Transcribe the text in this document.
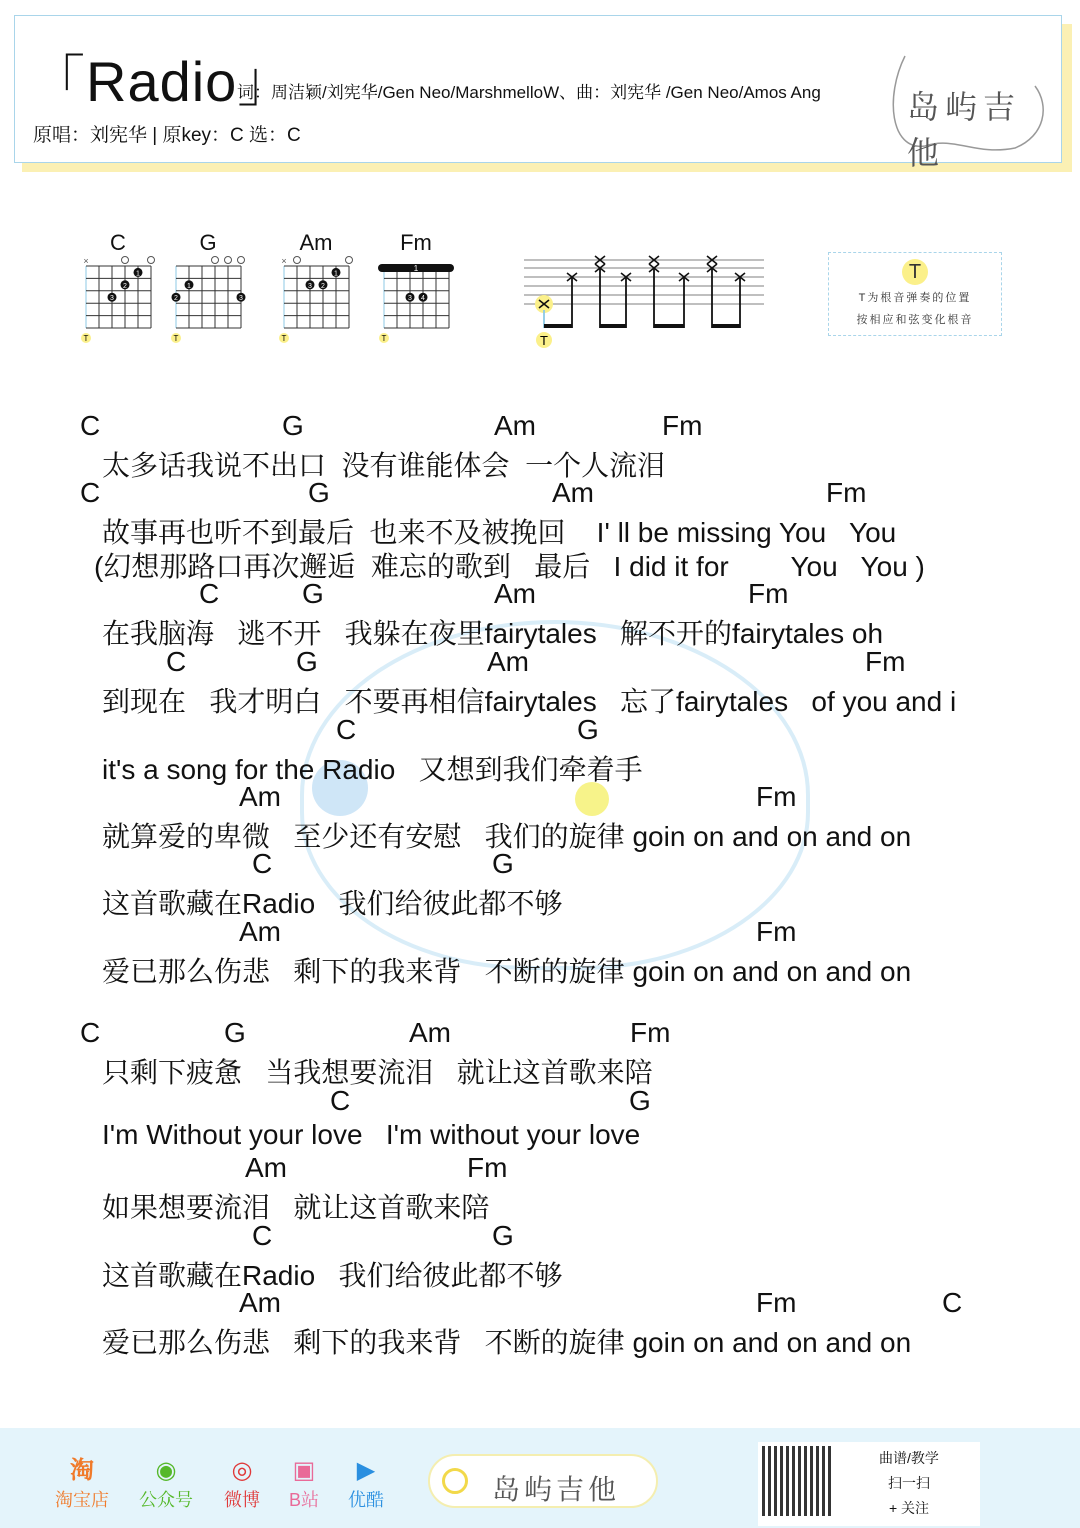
「Radio」
词：周洁颖/刘宪华/Gen Neo/MarshmelloW、曲：刘宪华 /Gen Neo/Amos Ang
原唱：刘宪华 | 原key：C 选：C
岛屿吉他
C
×
1
2
3
T
G
2
1
3
T
Am
×
1
2
3
T
Fm
1
3 4
T	T
T
T为根音弹奏的位置
按相应和弦变化根音
C	G	Am	Fm
太多话我说不出口  没有谁能体会  一个人流泪
C	G	Am	Fm
故事再也听不到最后  也来不及被挽回    I' ll be missing You   You
(幻想那路口再次邂逅  难忘的歌到   最后   I did it for        You   You )
C	G	Am	Fm
在我脑海   逃不开   我躲在夜里fairytales   解不开的fairytales oh
C	G	Am	Fm
到现在   我才明白   不要再相信fairytales   忘了fairytales   of you and i
C	G
it's a song for the Radio   又想到我们牵着手
Am	Fm
就算爱的卑微   至少还有安慰   我们的旋律 goin on and on and on
C	G
这首歌藏在Radio   我们给彼此都不够
Am	Fm
爱已那么伤悲   剩下的我来背   不断的旋律 goin on and on and on
C	G	Am	Fm
只剩下疲惫   当我想要流泪   就让这首歌来陪
C	G
I'm Without your love   I'm without your love
Am	Fm
如果想要流泪   就让这首歌来陪
C	G
这首歌藏在Radio   我们给彼此都不够
Am	Fm	C
爱已那么伤悲   剩下的我来背   不断的旋律 goin on and on and on
淘
淘宝店
◉
公众号
◎
微博
▣
B站
▶
优酷	岛屿吉他
曲谱/教学
扫一扫
+ 关注
